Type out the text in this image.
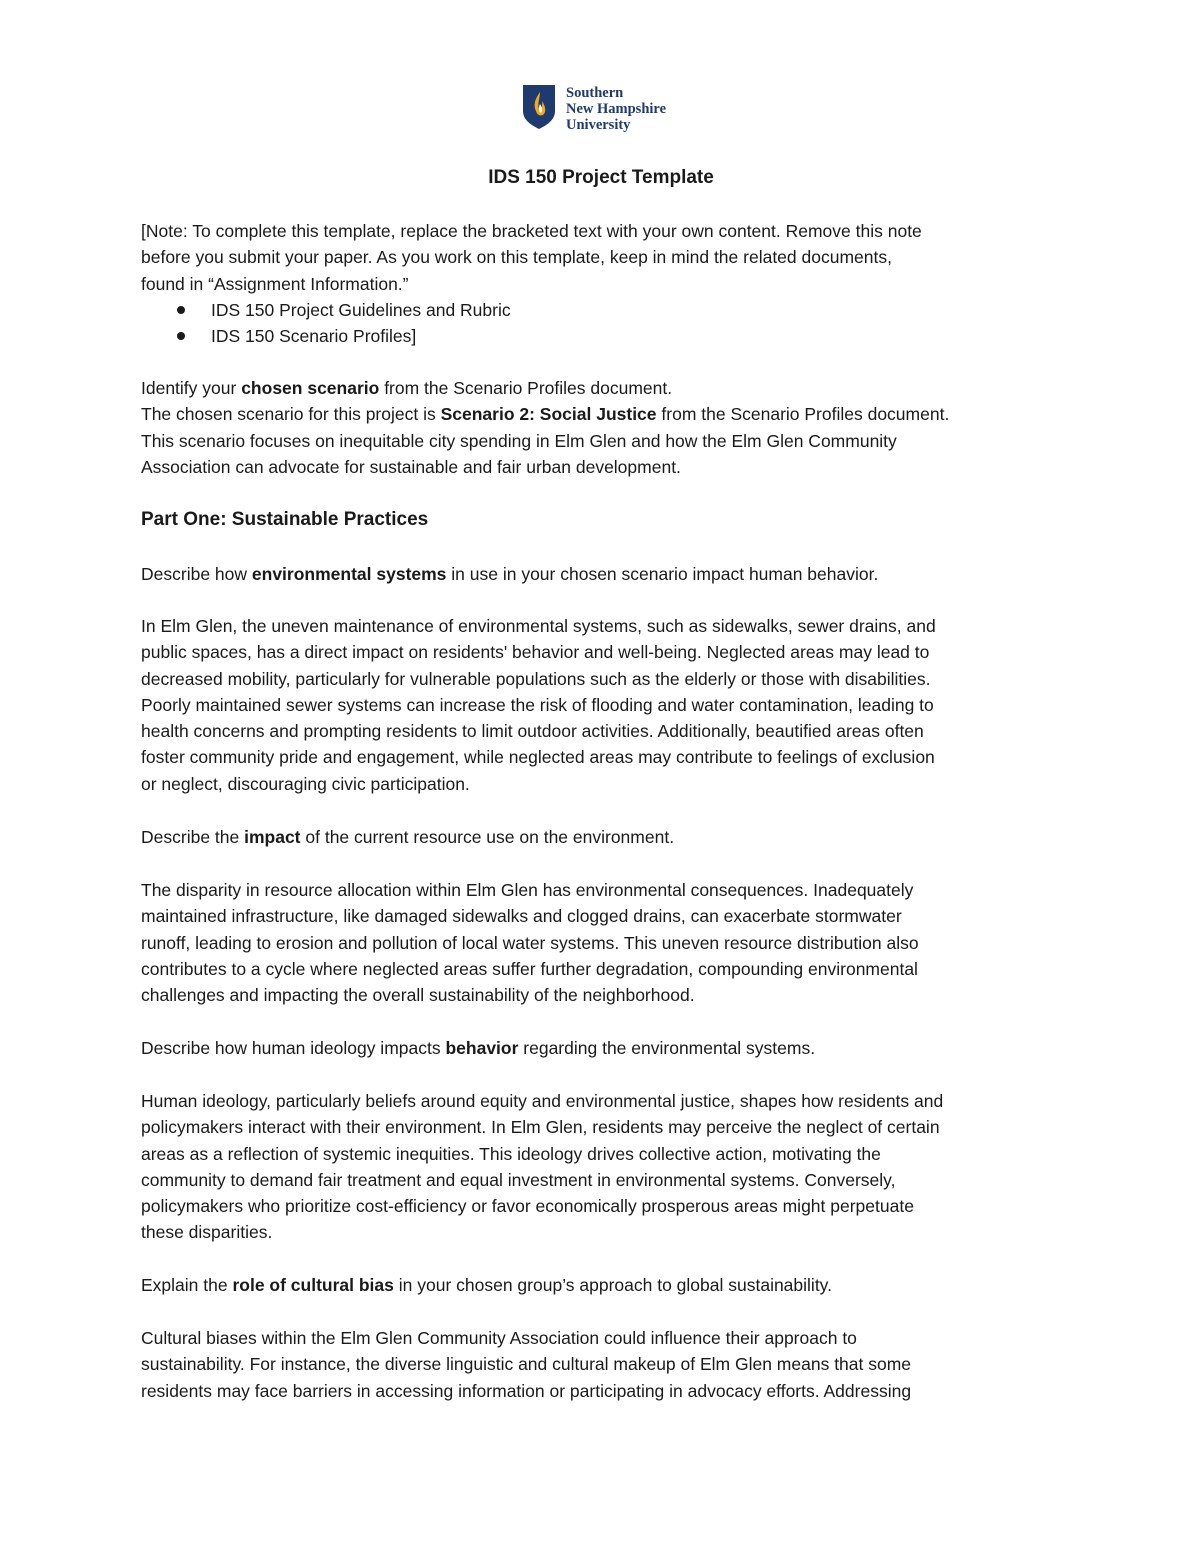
Southern
New Hampshire
University
IDS 150 Project Template
[Note: To complete this template, replace the bracketed text with your own content. Remove this note
before you submit your paper. As you work on this template, keep in mind the related documents,
found in “Assignment Information.”
IDS 150 Project Guidelines and Rubric
IDS 150 Scenario Profiles]
Identify your chosen scenario from the Scenario Profiles document.
The chosen scenario for this project is Scenario 2: Social Justice from the Scenario Profiles document.
This scenario focuses on inequitable city spending in Elm Glen and how the Elm Glen Community
Association can advocate for sustainable and fair urban development.
Part One: Sustainable Practices
Describe how environmental systems in use in your chosen scenario impact human behavior.
In Elm Glen, the uneven maintenance of environmental systems, such as sidewalks, sewer drains, and
public spaces, has a direct impact on residents' behavior and well-being. Neglected areas may lead to
decreased mobility, particularly for vulnerable populations such as the elderly or those with disabilities.
Poorly maintained sewer systems can increase the risk of flooding and water contamination, leading to
health concerns and prompting residents to limit outdoor activities. Additionally, beautified areas often
foster community pride and engagement, while neglected areas may contribute to feelings of exclusion
or neglect, discouraging civic participation.
Describe the impact of the current resource use on the environment.
The disparity in resource allocation within Elm Glen has environmental consequences. Inadequately
maintained infrastructure, like damaged sidewalks and clogged drains, can exacerbate stormwater
runoff, leading to erosion and pollution of local water systems. This uneven resource distribution also
contributes to a cycle where neglected areas suffer further degradation, compounding environmental
challenges and impacting the overall sustainability of the neighborhood.
Describe how human ideology impacts behavior regarding the environmental systems.
Human ideology, particularly beliefs around equity and environmental justice, shapes how residents and
policymakers interact with their environment. In Elm Glen, residents may perceive the neglect of certain
areas as a reflection of systemic inequities. This ideology drives collective action, motivating the
community to demand fair treatment and equal investment in environmental systems. Conversely,
policymakers who prioritize cost-efficiency or favor economically prosperous areas might perpetuate
these disparities.
Explain the role of cultural bias in your chosen group’s approach to global sustainability.
Cultural biases within the Elm Glen Community Association could influence their approach to
sustainability. For instance, the diverse linguistic and cultural makeup of Elm Glen means that some
residents may face barriers in accessing information or participating in advocacy efforts. Addressing
